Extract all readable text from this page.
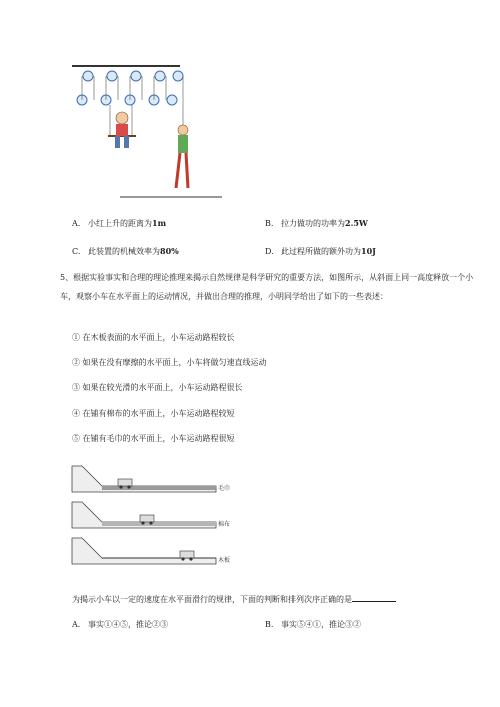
A. 小红上升的距离为1m	B. 拉力做功的功率为2.5W
C. 此装置的机械效率为80%	D. 此过程所做的额外功为10J
5、根据实验事实和合理的理论推理来揭示自然规律是科学研究的重要方法，如图所示，从斜面上同一高度释放一个小车，观察小车在水平面上的运动情况，并做出合理的推理，小明同学给出了如下的一些表述：
① 在木板表面的水平面上，小车运动路程较长
② 如果在没有摩擦的水平面上，小车将做匀速直线运动
③ 如果在较光滑的水平面上，小车运动路程很长
④ 在铺有棉布的水平面上，小车运动路程较短
⑤ 在铺有毛巾的水平面上，小车运动路程很短
毛巾
棉布
木板
为揭示小车以一定的速度在水平面滑行的规律，下面的判断和排列次序正确的是
A. 事实①④⑤，推论②③	B. 事实⑤④①，推论③②
